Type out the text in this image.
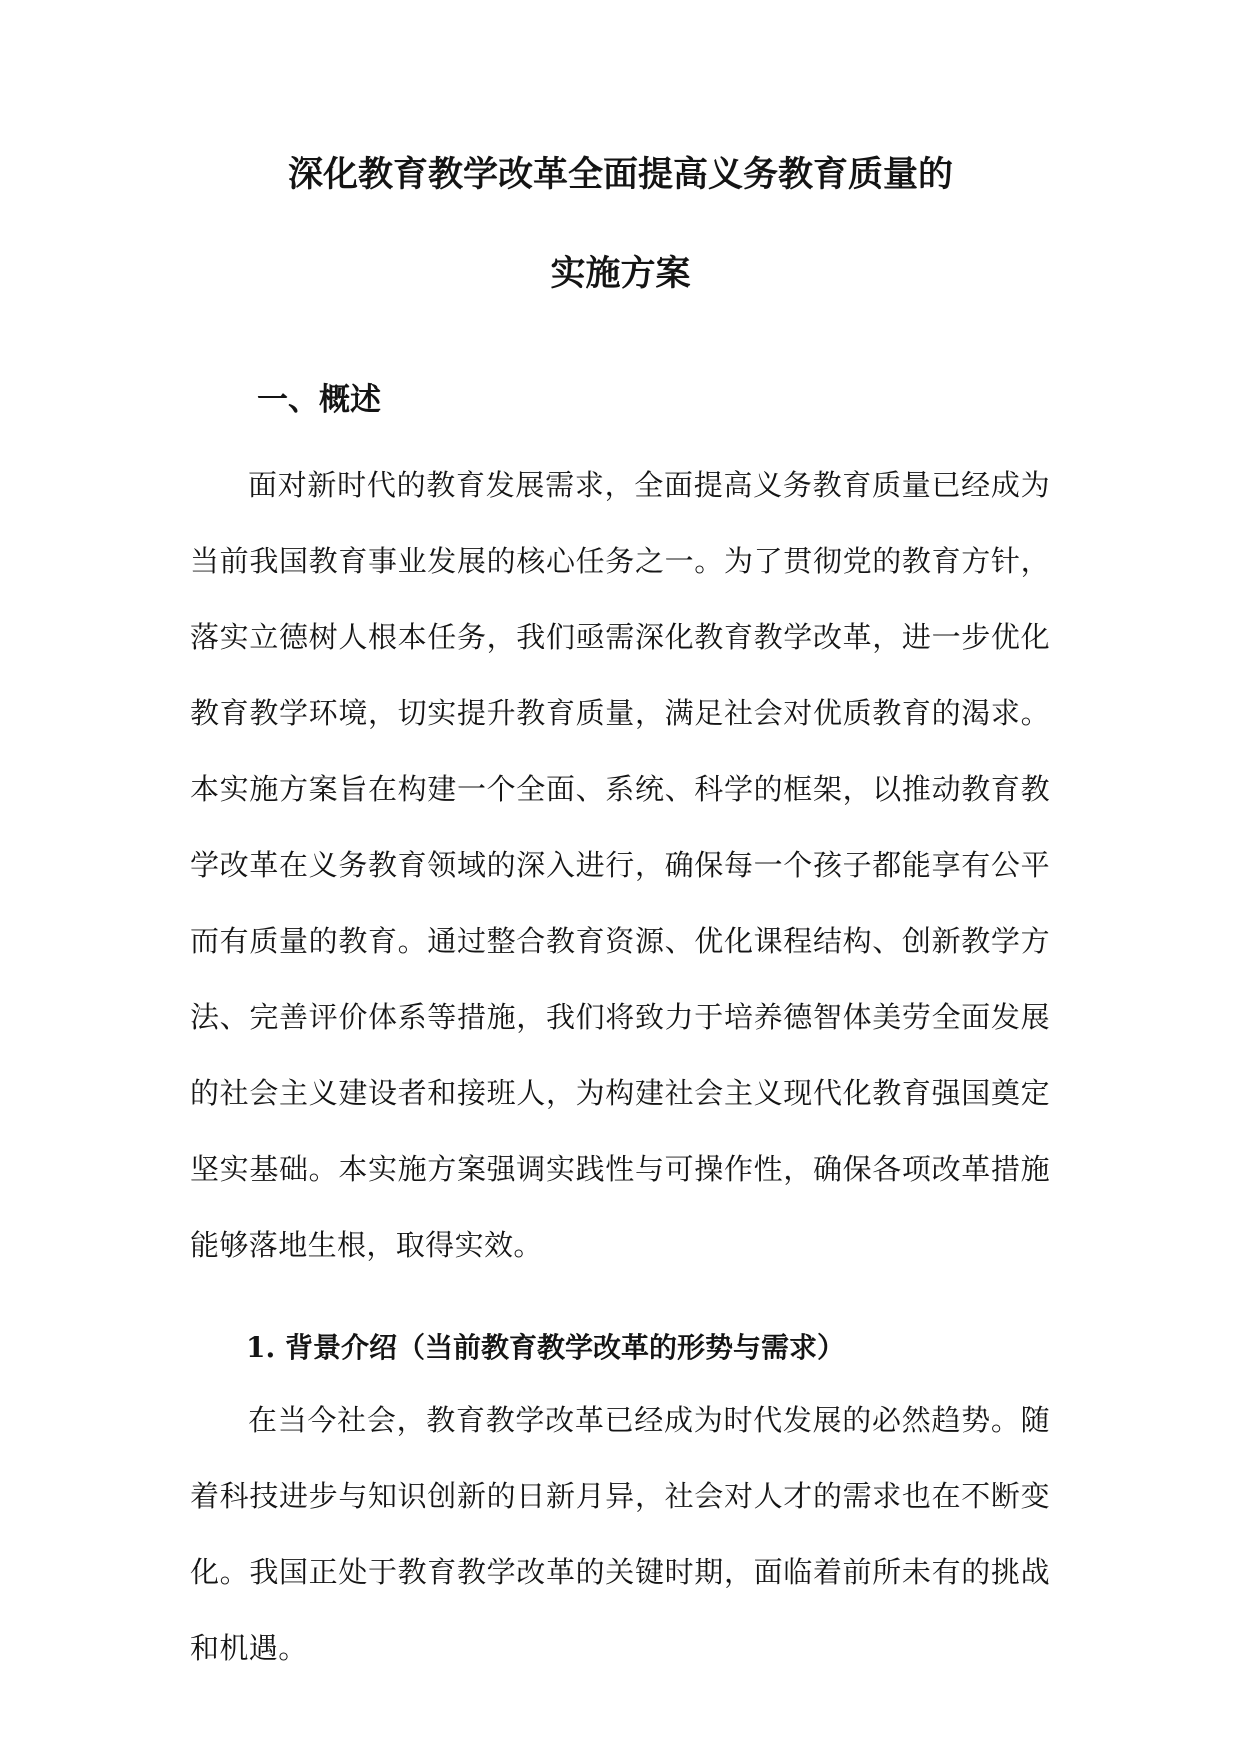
深化教育教学改革全面提高义务教育质量的
实施方案
一、概述

面对新时代的教育发展需求，全面提高义务教育质量已经成为当前我国教育事业发展的核心任务之一。为了贯彻党的教育方针，落实立德树人根本任务，我们亟需深化教育教学改革，进一步优化教育教学环境，切实提升教育质量，满足社会对优质教育的渴求。本实施方案旨在构建一个全面、系统、科学的框架，以推动教育教学改革在义务教育领域的深入进行，确保每一个孩子都能享有公平而有质量的教育。通过整合教育资源、优化课程结构、创新教学方法、完善评价体系等措施，我们将致力于培养德智体美劳全面发展的社会主义建设者和接班人，为构建社会主义现代化教育强国奠定坚实基础。本实施方案强调实践性与可操作性，确保各项改革措施能够落地生根，取得实效。

1. 背景介绍（当前教育教学改革的形势与需求）

在当今社会，教育教学改革已经成为时代发展的必然趋势。随着科技进步与知识创新的日新月异，社会对人才的需求也在不断变化。我国正处于教育教学改革的关键时期，面临着前所未有的挑战和机遇。
